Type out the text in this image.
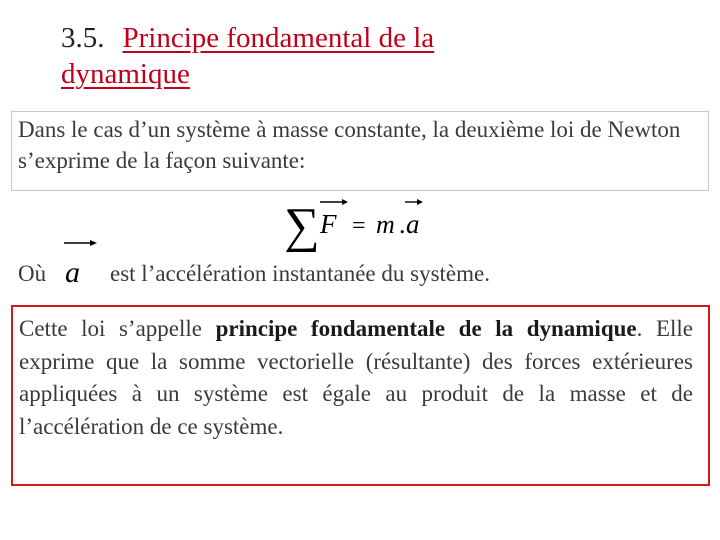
3.5. Principe fondamental de la
dynamique
Dans le cas d’un système à masse constante, la deuxième loi de Newton s’exprime de la façon suivante:
∑ F = m . a
Où a est l’accélération instantanée du système.
Cette loi s’appelle principe fondamentale de la dynamique. Elle exprime que la somme vectorielle (résultante) des forces extérieures appliquées à un système est égale au produit de la masse et de l’accélération de ce système.
